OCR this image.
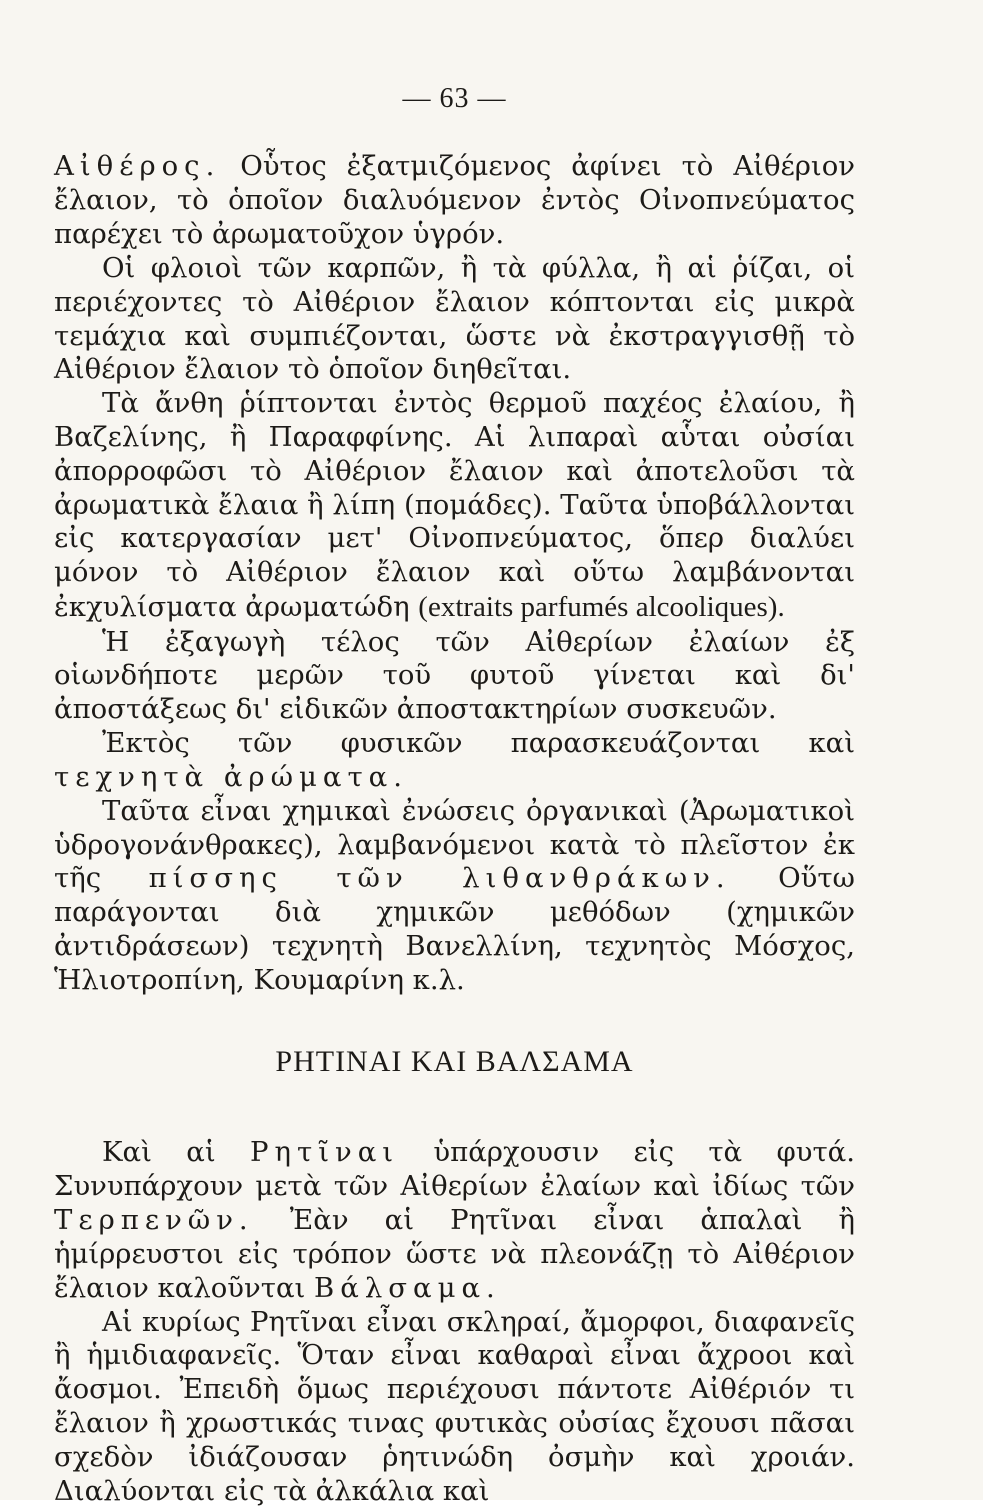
— 63 —

Αἰθέρος. Οὗτος ἐξατμιζόμενος ἀφίνει τὸ Αἰθέριον ἔλαιον, τὸ ὁποῖον διαλυόμενον ἐντὸς Οἰνοπνεύματος παρέχει τὸ ἀρωματοῦχον ὑγρόν.

Οἱ φλοιοὶ τῶν καρπῶν, ἢ τὰ φύλλα, ἢ αἱ ῥίζαι, οἱ περιέχοντες τὸ Αἰθέριον ἔλαιον κόπτονται εἰς μικρὰ τεμάχια καὶ συμπιέζονται, ὥστε νὰ ἐκστραγγισθῇ τὸ Αἰθέριον ἔλαιον τὸ ὁποῖον διηθεῖται.

Τὰ ἄνθη ῥίπτονται ἐντὸς θερμοῦ παχέος ἐλαίου, ἢ Βαζελίνης, ἢ Παραφφίνης. Αἱ λιπαραὶ αὗται οὐσίαι ἀπορροφῶσι τὸ Αἰθέριον ἔλαιον καὶ ἀποτελοῦσι τὰ ἀρωματικὰ ἔλαια ἢ λίπη (πομάδες). Ταῦτα ὑποβάλλονται εἰς κατεργασίαν μετ' Οἰνοπνεύματος, ὅπερ διαλύει μόνον τὸ Αἰθέριον ἔλαιον καὶ οὕτω λαμβάνονται ἐκχυλίσματα ἀρωματώδη (extraits parfumés alcooliques).

Ἡ ἐξαγωγὴ τέλος τῶν Αἰθερίων ἐλαίων ἐξ οἱωνδήποτε μερῶν τοῦ φυτοῦ γίνεται καὶ δι' ἀποστάξεως δι' εἰδικῶν ἀποστακτηρίων συσκευῶν.

Ἐκτὸς τῶν φυσικῶν παρασκευάζονται καὶ τεχνητὰ ἀρώματα.

Ταῦτα εἶναι χημικαὶ ἐνώσεις ὀργανικαὶ (Ἀρωματικοὶ ὑδρογονάνθρακες), λαμβανόμενοι κατὰ τὸ πλεῖστον ἐκ τῆς πίσσης τῶν λιθανθράκων. Οὕτω παράγονται διὰ χημικῶν μεθόδων (χημικῶν ἀντιδράσεων) τεχνητὴ Βανελλίνη, τεχνητὸς Μόσχος, Ἡλιοτροπίνη, Κουμαρίνη κ.λ.

ΡΗΤΙΝΑΙ ΚΑΙ ΒΑΛΣΑΜΑ

Καὶ αἱ Ρητῖναι ὑπάρχουσιν εἰς τὰ φυτά. Συνυπάρχουν μετὰ τῶν Αἰθερίων ἐλαίων καὶ ἰδίως τῶν Τερπενῶν. Ἐὰν αἱ Ρητῖναι εἶναι ἁπαλαὶ ἢ ἡμίρρευστοι εἰς τρόπον ὥστε νὰ πλεονάζῃ τὸ Αἰθέριον ἔλαιον καλοῦνται Βάλσαμα.

Αἱ κυρίως Ρητῖναι εἶναι σκληραί, ἄμορφοι, διαφανεῖς ἢ ἡμιδιαφανεῖς. Ὅταν εἶναι καθαραὶ εἶναι ἄχροοι καὶ ἄοσμοι. Ἐπειδὴ ὅμως περιέχουσι πάντοτε Αἰθέριόν τι ἔλαιον ἢ χρωστικάς τινας φυτικὰς οὐσίας ἔχουσι πᾶσαι σχεδὸν ἰδιάζουσαν ῥητινώδη ὀσμὴν καὶ χροιάν. Διαλύονται εἰς τὰ ἀλκάλια καὶ
